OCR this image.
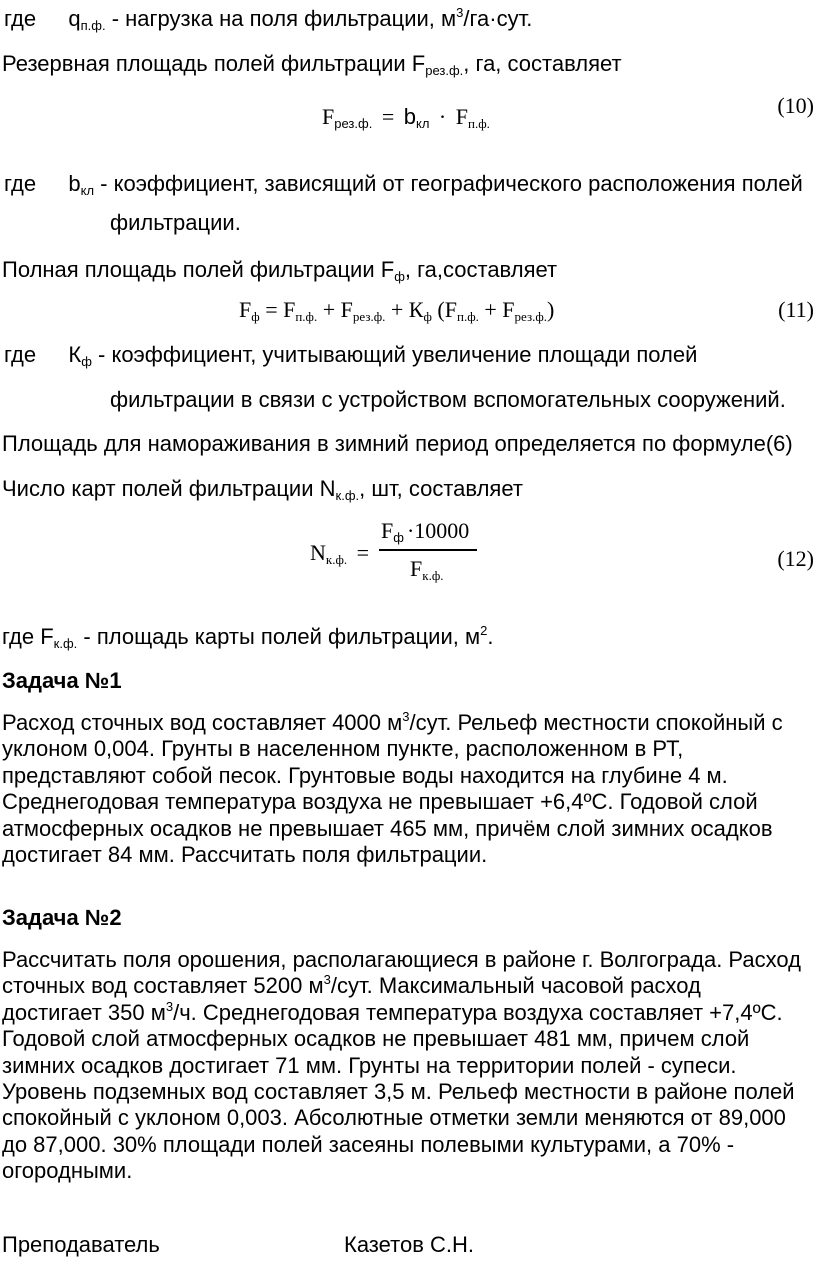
где $q_{п.ф.}$ - нагрузка на поля фильтрации, $м^3/га\cdot сут$.
Резервная площадь полей фильтрации $F_{рез.ф.}$, га, составляет
$F_{рез.ф.} = b_{кл} \cdot F_{п.ф.}$
(10)
где $b_{кл}$ - коэффициент, зависящий от географического расположения полей
фильтрации.
Полная площадь полей фильтрации $F_ф$, га,составляет
$F_ф = F_{п.ф.} + F_{рез.ф.} + К_ф$ $(F_{п.ф.} + F_{рез.ф.})$	(11)
где $К_ф$ - коэффициент, учитывающий увеличение площади полей
фильтрации в связи с устройством вспомогательных сооружений.
Площадь для намораживания в зимний период определяется по формуле(6)
Число карт полей фильтрации $N_{к.ф.}$, шт, составляет
$N_{к.ф.}$ =
$F_ф \cdot 10000$
$F_{к.ф.}$
(12)
где $F_{к.ф.}$ - площадь карты полей фильтрации, $м^2$.
Задача №1
Расход сточных вод составляет 4000 $м^3$/сут. Рельеф местности спокойный с
уклоном 0,004. Грунты в населенном пункте, расположенном в РТ,
представляют собой песок. Грунтовые воды находится на глубине 4 м.
Среднегодовая температура воздуха не превышает +6,4ºС. Годовой слой
атмосферных осадков не превышает 465 мм, причём слой зимних осадков
достигает 84 мм. Рассчитать поля фильтрации.
Задача №2
Рассчитать поля орошения, располагающиеся в районе г. Волгограда. Расход
сточных вод составляет 5200 $м^3$/сут. Максимальный часовой расход
достигает 350 $м^3/ч$. Среднегодовая температура воздуха составляет +7,4ºС.
Годовой слой атмосферных осадков не превышает 481 мм, причем слой
зимних осадков достигает 71 мм. Грунты на территории полей - супеси.
Уровень подземных вод составляет 3,5 м. Рельеф местности в районе полей
спокойный с уклоном 0,003. Абсолютные отметки земли меняются от 89,000
до 87,000. 30% площади полей засеяны полевыми культурами, а 70% -
огородными.
Преподаватель	Казетов С.Н.
